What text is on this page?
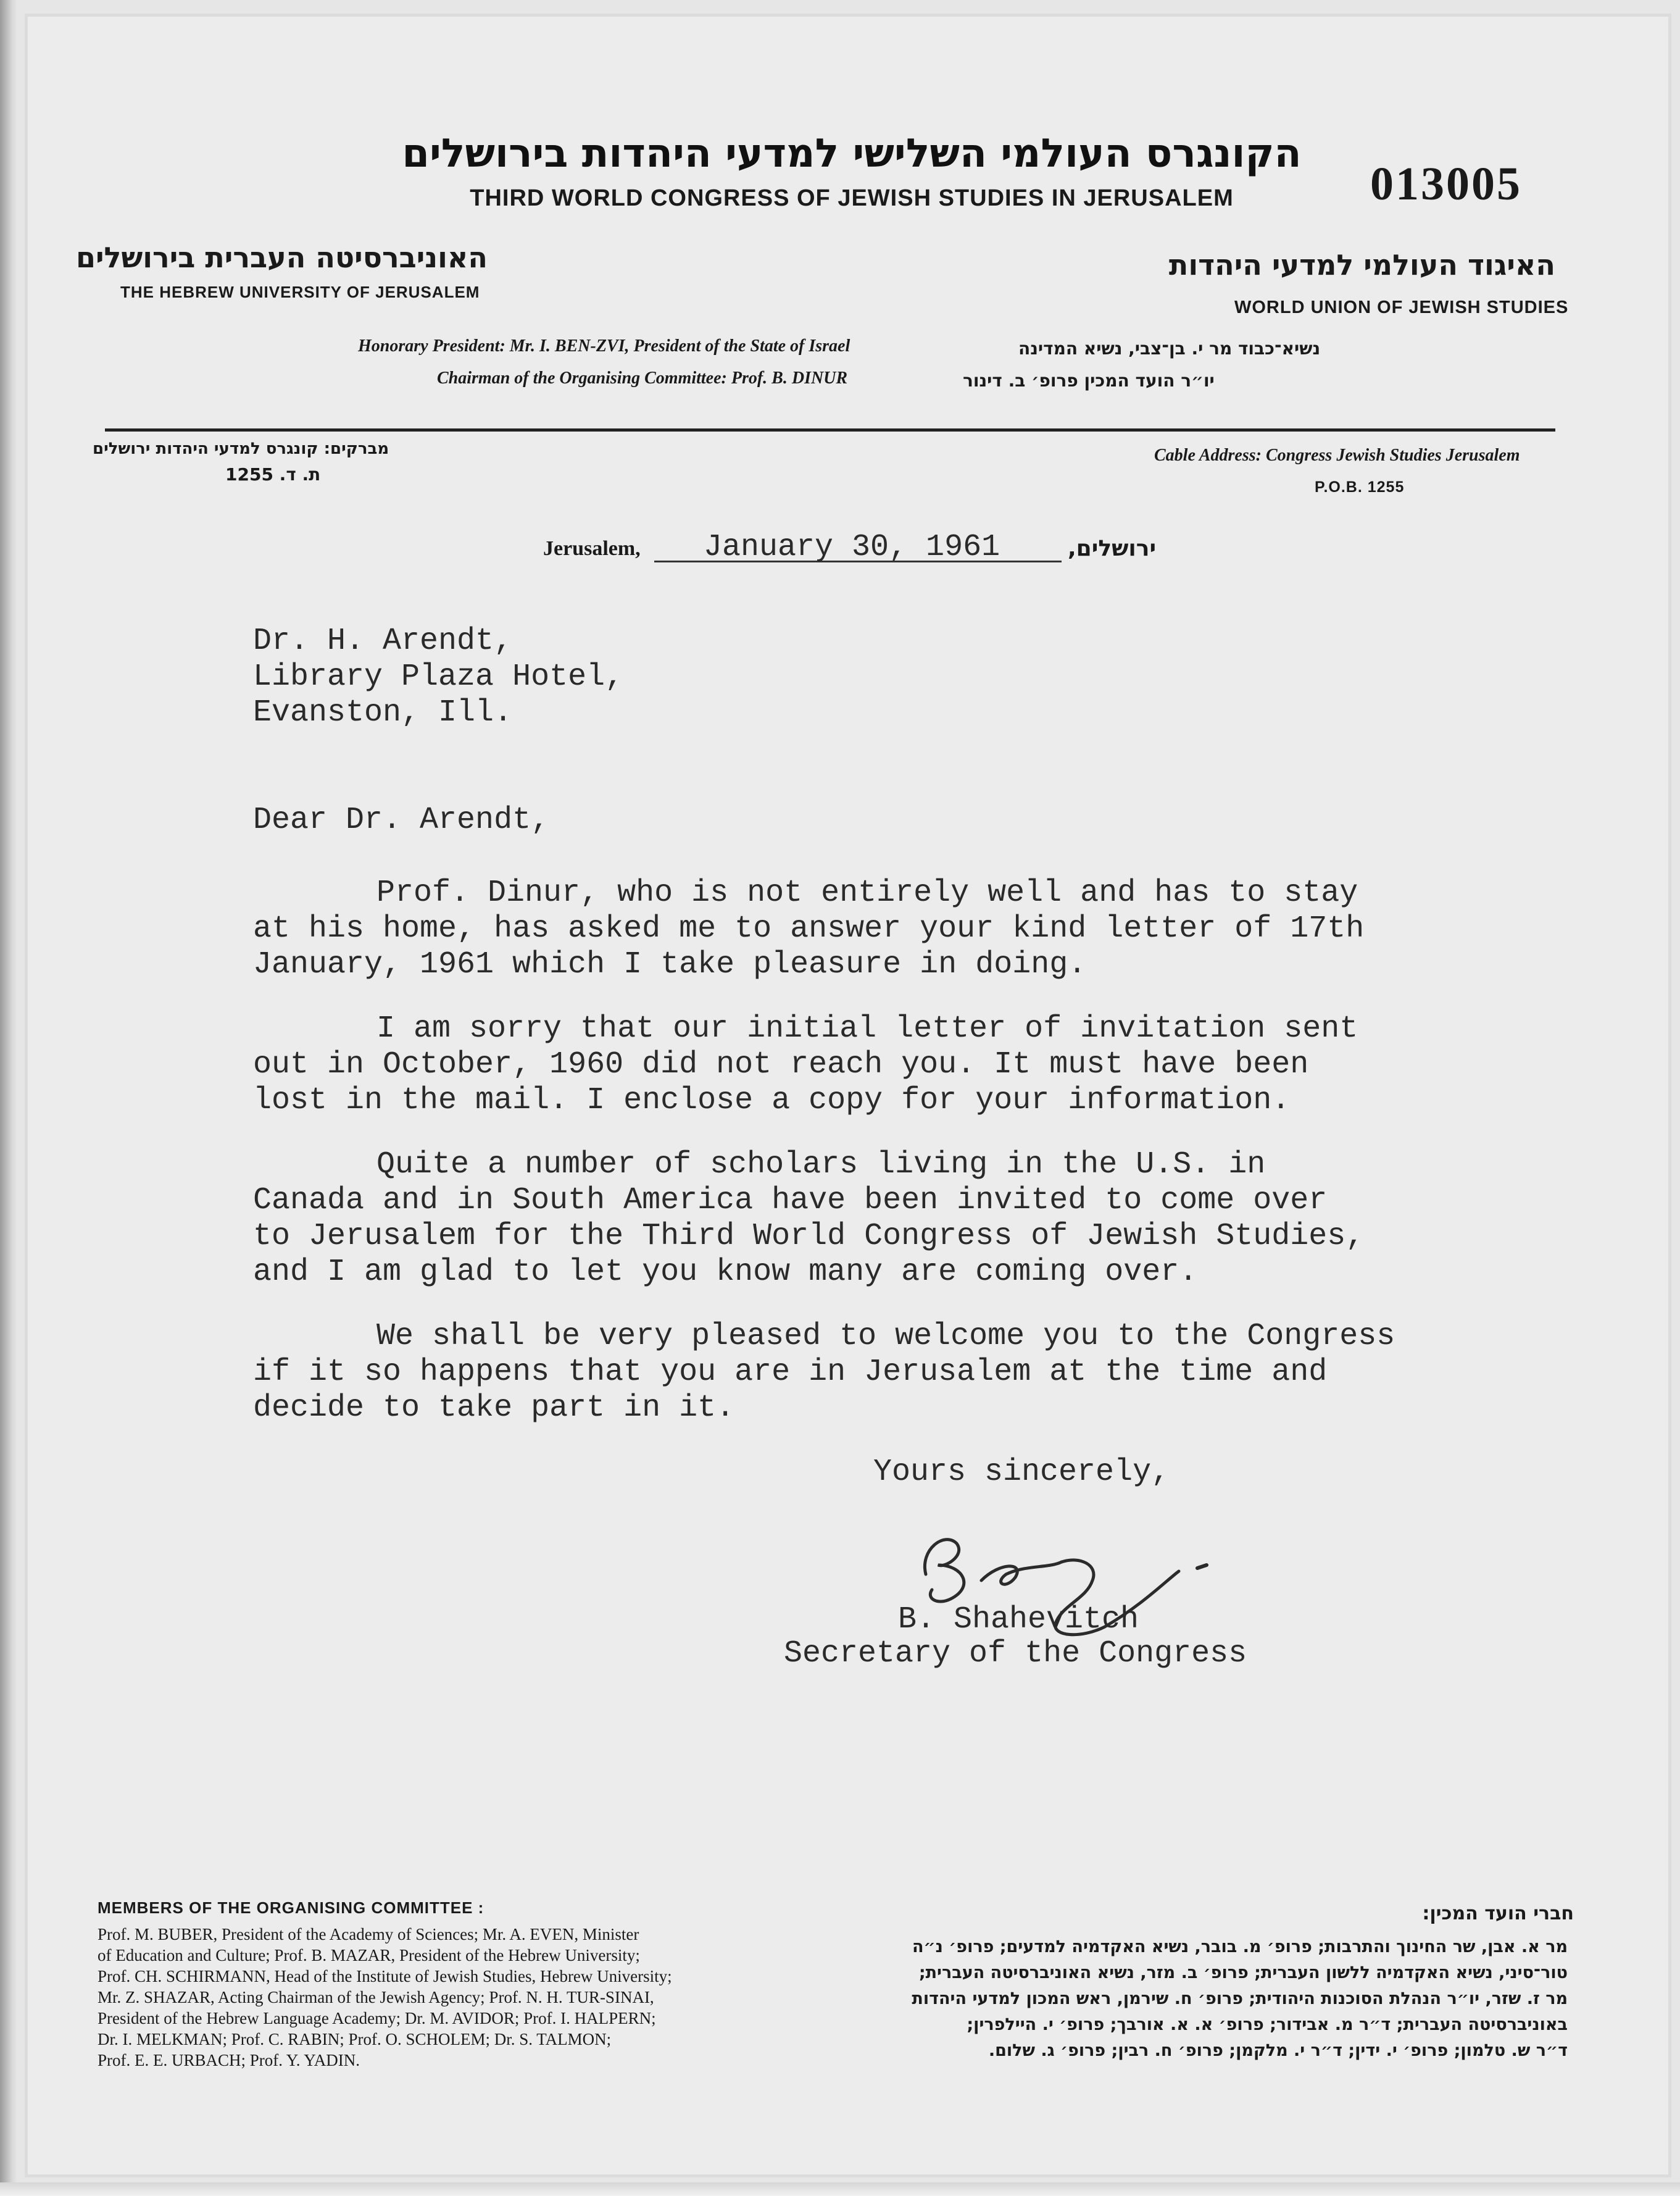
הקונגרס העולמי השלישי למדעי היהדות בירושלים
THIRD WORLD CONGRESS OF JEWISH STUDIES IN JERUSALEM	013005
האוניברסיטה העברית בירושלים
THE HEBREW UNIVERSITY OF JERUSALEM
האיגוד העולמי למדעי היהדות
WORLD UNION OF JEWISH STUDIES
Honorary President: Mr. I. BEN-ZVI, President of the State of Israel	נשיא־כבוד מר י. בן־צבי, נשיא המדינה
Chairman of the Organising Committee: Prof. B. DINUR	יו״ר הועד המכין פרופ׳ ב. דינור
מברקים: קונגרס למדעי היהדות ירושלים
ת. ד. 1255
Cable Address: Congress Jewish Studies Jerusalem
P.O.B. 1255
Jerusalem, January 30, 1961	ירושלים,
Dr. H. Arendt,
Library Plaza Hotel,
Evanston, Ill.
Dear Dr. Arendt,
Prof. Dinur, who is not entirely well and has to stay
at his home, has asked me to answer your kind letter of 17th
January, 1961 which I take pleasure in doing.
I am sorry that our initial letter of invitation sent
out in October, 1960 did not reach you. It must have been
lost in the mail. I enclose a copy for your information.
Quite a number of scholars living in the U.S. in
Canada and in South America have been invited to come over
to Jerusalem for the Third World Congress of Jewish Studies,
and I am glad to let you know many are coming over.
We shall be very pleased to welcome you to the Congress
if it so happens that you are in Jerusalem at the time and
decide to take part in it.
Yours sincerely,
B. Shahevitch
Secretary of the Congress
MEMBERS OF THE ORGANISING COMMITTEE :
Prof. M. BUBER, President of the Academy of Sciences; Mr. A. EVEN, Minister
of Education and Culture; Prof. B. MAZAR, President of the Hebrew University;
Prof. CH. SCHIRMANN, Head of the Institute of Jewish Studies, Hebrew University;
Mr. Z. SHAZAR, Acting Chairman of the Jewish Agency; Prof. N. H. TUR-SINAI,
President of the Hebrew Language Academy; Dr. M. AVIDOR; Prof. I. HALPERN;
Dr. I. MELKMAN; Prof. C. RABIN; Prof. O. SCHOLEM; Dr. S. TALMON;
Prof. E. E. URBACH; Prof. Y. YADIN.
חברי הועד המכין:
מר א. אבן, שר החינוך והתרבות; פרופ׳ מ. בובר, נשיא האקדמיה למדעים; פרופ׳ נ״ה
טור־סיני, נשיא האקדמיה ללשון העברית; פרופ׳ ב. מזר, נשיא האוניברסיטה העברית;
מר ז. שזר, יו״ר הנהלת הסוכנות היהודית; פרופ׳ ח. שירמן, ראש המכון למדעי היהדות
באוניברסיטה העברית; ד״ר מ. אבידור; פרופ׳ א. א. אורבך; פרופ׳ י. היילפרין;
ד״ר ש. טלמון; פרופ׳ י. ידין; ד״ר י. מלקמן; פרופ׳ ח. רבין; פרופ׳ ג. שלום.
